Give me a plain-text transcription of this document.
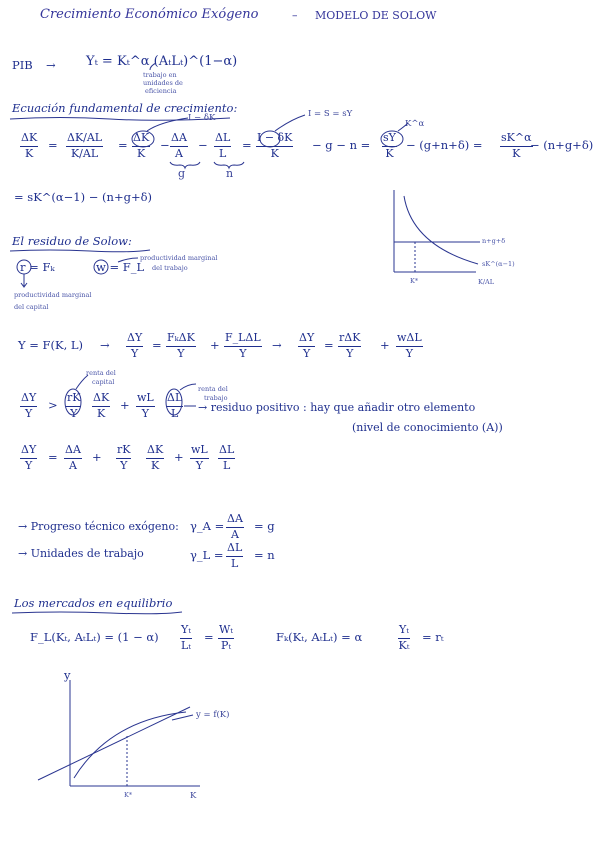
Crecimiento Económico Exógeno	– MODELO DE SOLOW
PIB → Yₜ = Kₜ^α (AₜLₜ)^(1−α)
trabajo en
unidades de
eficiencia
Ecuación fundamental de crecimiento:
I − δK	I = S = sY
K^α
$\frac{\Delta K}{K} = \frac{\Delta K/AL}{K/AL} = \frac{\Delta K}{K} - \frac{\Delta A}{A} - \frac{\Delta L}{L} = \frac{I - \delta K}{K} - g - n = \frac{sY}{K} - (g+n+\delta) = \frac{sK\^{}\alpha}{K}$
− (n+g+δ)
g	n
= sK^(α−1) − (n+g+δ)
n+g+δ
sK^(α−1)
K*	K/AL
El residuo de Solow:
r = Fₖ	w = F_L
productividad marginal
del trabajo
productividad marginal
del capital
Y = F(K, $L) \to \frac{\Delta Y}{Y}$ =
FₖΔK
Y
+
F_LΔL
Y
→ $\frac{\Delta Y}{Y}$ =
rΔK
Y
+
wΔL
Y
renta del
capital
renta del
trabajo
$\frac{\Delta Y}{Y} > \frac{rK}{Y} \frac{\Delta K}{K} + \frac{wL}{Y} \frac{\Delta L}{L}$ → residuo positivo : hay que añadir otro elemento
(nivel de conocimiento (A))
$\frac{\Delta Y}{Y} = \frac{\Delta A}{A} + \frac{rK}{Y} \frac{\Delta K}{K} + \frac{wL}{Y} \frac{\Delta L}{L}$
→ Progreso técnico exógeno: γ_A = $\frac{\Delta A}{A} = g$
→ Unidades de trabajo	γ_L = $\frac{\Delta L}{L} = n$
Los mercados en equilibrio
F_L(Kₜ, $A_tL_t) = (1 - \alpha) \frac{\text{Yₜ}}{\text{Lₜ}} = \frac{\text{Wₜ}}{\text{Pₜ}}$	Fₖ(Kₜ, AₜLₜ) = α	$\frac{\text{Yₜ}}{\text{Kₜ}} = r_t$
y
y = f(K)
K*	K
